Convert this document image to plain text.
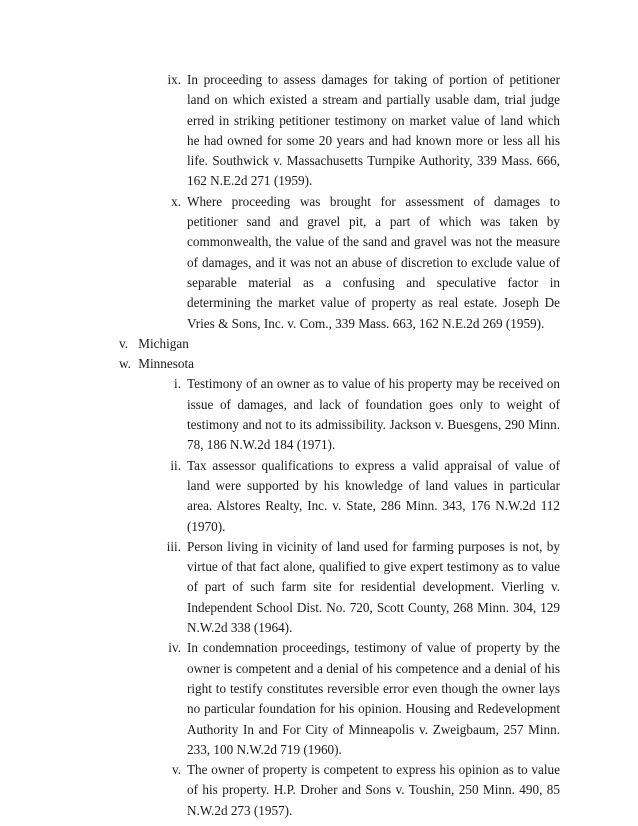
ix. In proceeding to assess damages for taking of portion of petitioner land on which existed a stream and partially usable dam, trial judge erred in striking petitioner testimony on market value of land which he had owned for some 20 years and had known more or less all his life. Southwick v. Massachusetts Turnpike Authority, 339 Mass. 666, 162 N.E.2d 271 (1959).
x. Where proceeding was brought for assessment of damages to petitioner sand and gravel pit, a part of which was taken by commonwealth, the value of the sand and gravel was not the measure of damages, and it was not an abuse of discretion to exclude value of separable material as a confusing and speculative factor in determining the market value of property as real estate. Joseph De Vries & Sons, Inc. v. Com., 339 Mass. 663, 162 N.E.2d 269 (1959).
v. Michigan
w. Minnesota
i. Testimony of an owner as to value of his property may be received on issue of damages, and lack of foundation goes only to weight of testimony and not to its admissibility. Jackson v. Buesgens, 290 Minn. 78, 186 N.W.2d 184 (1971).
ii. Tax assessor qualifications to express a valid appraisal of value of land were supported by his knowledge of land values in particular area. Alstores Realty, Inc. v. State, 286 Minn. 343, 176 N.W.2d 112 (1970).
iii. Person living in vicinity of land used for farming purposes is not, by virtue of that fact alone, qualified to give expert testimony as to value of part of such farm site for residential development. Vierling v. Independent School Dist. No. 720, Scott County, 268 Minn. 304, 129 N.W.2d 338 (1964).
iv. In condemnation proceedings, testimony of value of property by the owner is competent and a denial of his competence and a denial of his right to testify constitutes reversible error even though the owner lays no particular foundation for his opinion. Housing and Redevelopment Authority In and For City of Minneapolis v. Zweigbaum, 257 Minn. 233, 100 N.W.2d 719 (1960).
v. The owner of property is competent to express his opinion as to value of his property. H.P. Droher and Sons v. Toushin, 250 Minn. 490, 85 N.W.2d 273 (1957).
